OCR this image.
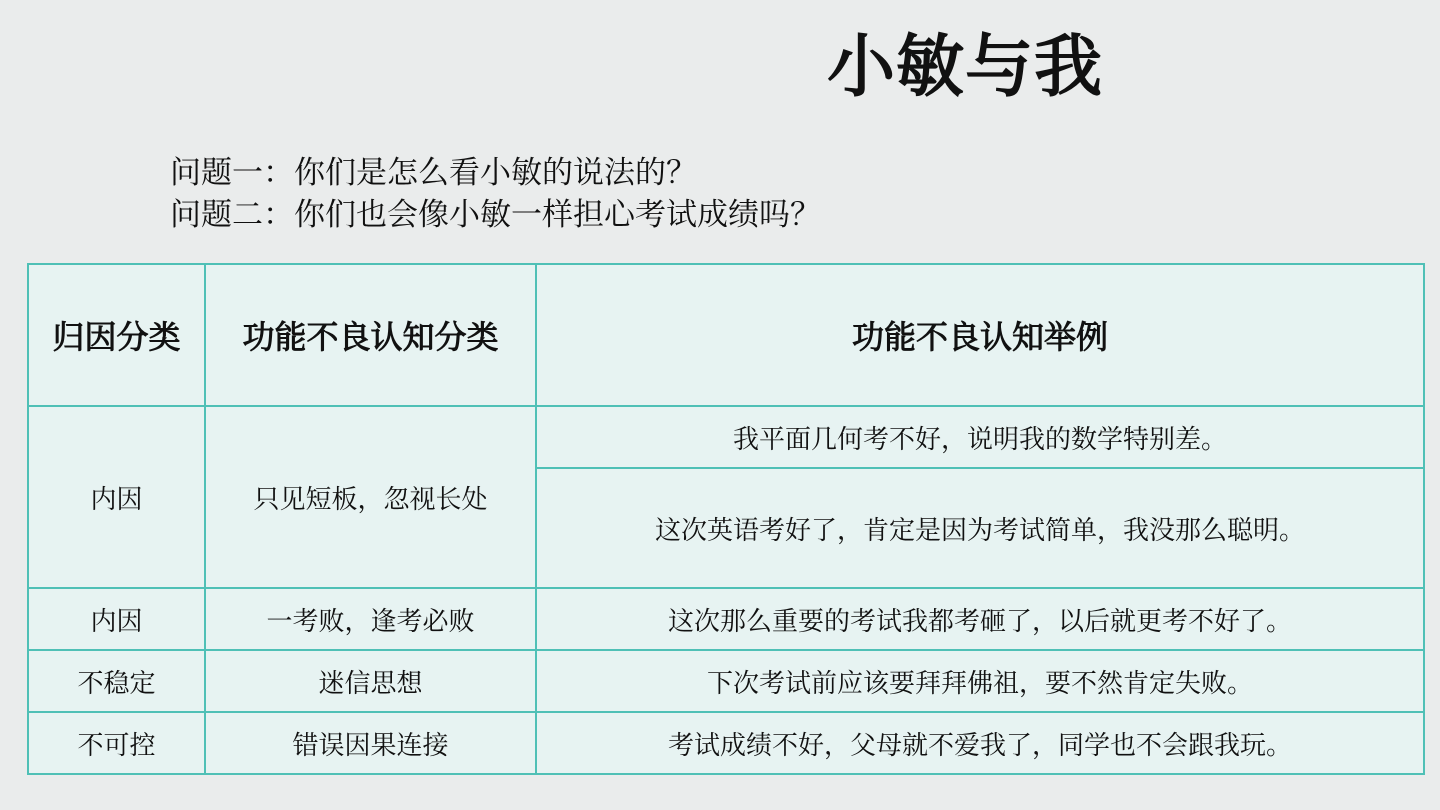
小敏与我
问题一：你们是怎么看小敏的说法的？
问题二：你们也会像小敏一样担心考试成绩吗？
归因分类	功能不良认知分类	功能不良认知举例
内因	只见短板，忽视长处	我平面几何考不好，说明我的数学特别差。
		这次英语考好了，肯定是因为考试简单，我没那么聪明。
内因	一考败，逢考必败	这次那么重要的考试我都考砸了，以后就更考不好了。
不稳定	迷信思想	下次考试前应该要拜拜佛祖，要不然肯定失败。
不可控	错误因果连接	考试成绩不好，父母就不爱我了，同学也不会跟我玩。
